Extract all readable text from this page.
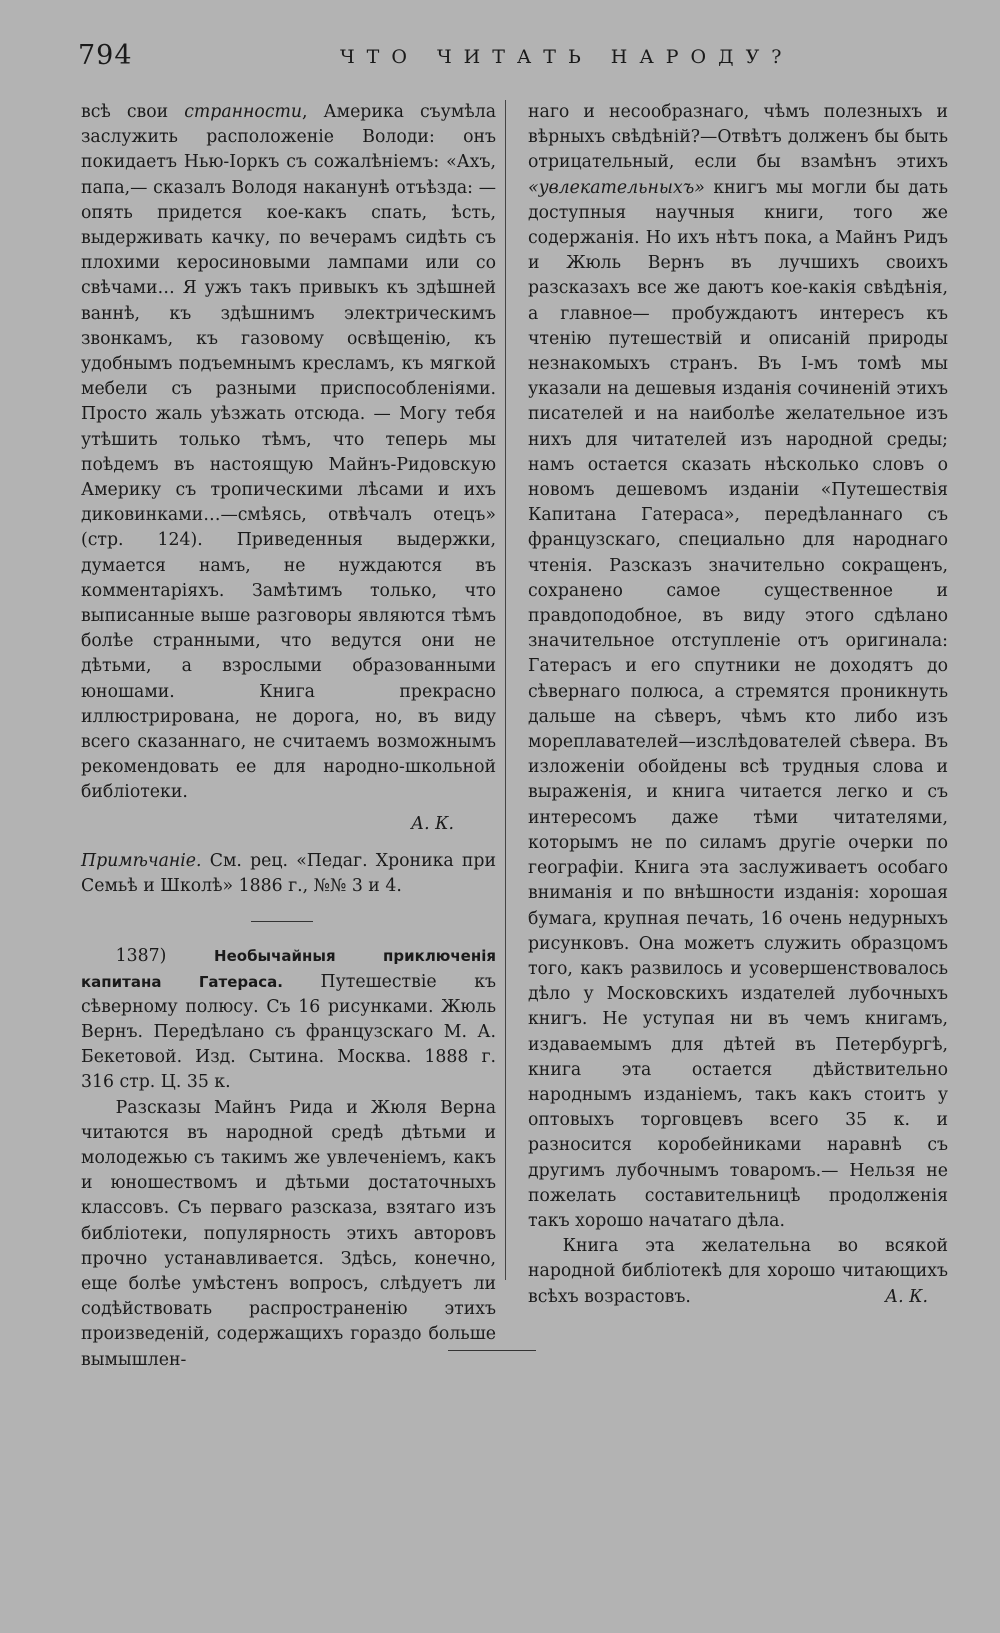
794	ЧТО ЧИТАТЬ НАРОДУ?

всѣ свои странности, Америка съумѣла заслужить расположеніе Володи: онъ покидаетъ Нью-Іоркъ съ сожалѣніемъ: «Ахъ, папа,— сказалъ Володя наканунѣ отъѣзда: —опять придется кое-какъ спать, ѣсть, выдерживать качку, по вечерамъ сидѣть съ плохими керосиновыми лампами или со свѣчами… Я ужъ такъ привыкъ къ здѣшней ваннѣ, къ здѣшнимъ электрическимъ звонкамъ, къ газовому освѣщенію, къ удобнымъ подъемнымъ кресламъ, къ мягкой мебели съ разными приспособленіями. Просто жаль уѣзжать отсюда. — Могу тебя утѣшить только тѣмъ, что теперь мы поѣдемъ въ настоящую Майнъ-Ридовскую Америку съ тропическими лѣсами и ихъ диковинками…—смѣясь, отвѣчалъ отецъ» (стр. 124). Приведенныя выдержки, думается намъ, не нуждаются въ комментаріяхъ. Замѣтимъ только, что выписанные выше разговоры являются тѣмъ болѣе странными, что ведутся они не дѣтьми, а взрослыми образованными юношами. Книга прекрасно иллюстрирована, не дорога, но, въ виду всего сказаннаго, не считаемъ возможнымъ рекомендовать ее для народно-школьной библіотеки.

А. К.

Примѣчаніе. См. рец. «Педаг. Хроника при Семьѣ и Школѣ» 1886 г., №№ 3 и 4.

1387) Необычайныя приключенія капитана Гатераса. Путешествіе къ сѣверному полюсу. Съ 16 рисунками. Жюль Вернъ. Передѣлано съ французскаго М. А. Бекетовой. Изд. Сытина. Москва. 1888 г. 316 стр. Ц. 35 к.

Разсказы Майнъ Рида и Жюля Верна читаются въ народной средѣ дѣтьми и молодежью съ такимъ же увлеченіемъ, какъ и юношествомъ и дѣтьми достаточныхъ классовъ. Съ перваго разсказа, взятаго изъ библіотеки, популярность этихъ авторовъ прочно устанавливается. Здѣсь, конечно, еще болѣе умѣстенъ вопросъ, слѣдуетъ ли содѣйствовать распространенію этихъ произведеній, содержащихъ гораздо больше вымышлен-

наго и несообразнаго, чѣмъ полезныхъ и вѣрныхъ свѣдѣній?—Отвѣтъ долженъ бы быть отрицательный, если бы взамѣнъ этихъ «увлекательныхъ» книгъ мы могли бы дать доступныя научныя книги, того же содержанія. Но ихъ нѣтъ пока, а Майнъ Ридъ и Жюль Вернъ въ лучшихъ своихъ разсказахъ все же даютъ кое-какія свѣдѣнія, а главное— пробуждаютъ интересъ къ чтенію путешествій и описаній природы незнакомыхъ странъ. Въ I-мъ томѣ мы указали на дешевыя изданія сочиненій этихъ писателей и на наиболѣе желательное изъ нихъ для читателей изъ народной среды; намъ остается сказать нѣсколько словъ о новомъ дешевомъ изданіи «Путешествія Капитана Гатераса», передѣланнаго съ французскаго, специально для народнаго чтенія. Разсказъ значительно сокращенъ, сохранено самое существенное и правдоподобное, въ виду этого сдѣлано значительное отступленіе отъ оригинала: Гатерасъ и его спутники не доходятъ до сѣвернаго полюса, а стремятся проникнуть дальше на сѣверъ, чѣмъ кто либо изъ мореплавателей—изслѣдователей сѣвера. Въ изложеніи обойдены всѣ трудныя слова и выраженія, и книга читается легко и съ интересомъ даже тѣми читателями, которымъ не по силамъ другіе очерки по географіи. Книга эта заслуживаетъ особаго вниманія и по внѣшности изданія: хорошая бумага, крупная печать, 16 очень недурныхъ рисунковъ. Она можетъ служить образцомъ того, какъ развилось и усовершенствовалось дѣло у Московскихъ издателей лубочныхъ книгъ. Не уступая ни въ чемъ книгамъ, издаваемымъ для дѣтей въ Петербургѣ, книга эта остается дѣйствительно народнымъ изданіемъ, такъ какъ стоитъ у оптовыхъ торговцевъ всего 35 к. и разносится коробейниками наравнѣ съ другимъ лубочнымъ товаромъ.— Нельзя не пожелать составительницѣ продолженія такъ хорошо начатаго дѣла.

Книга эта желательна во всякой народной библіотекѣ для хорошо читающихъ всѣхъ возрастовъ.	А. К.
